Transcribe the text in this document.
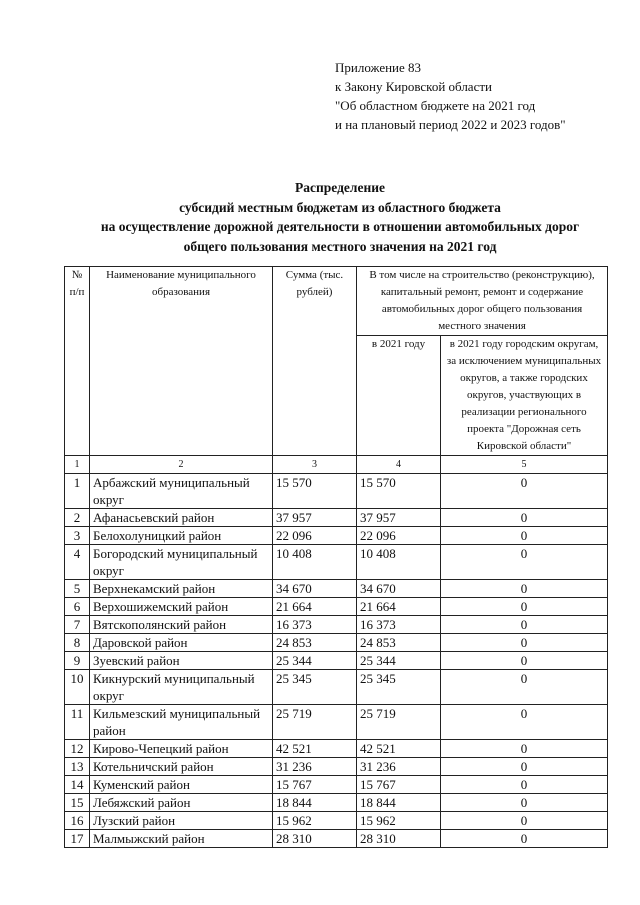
Приложение 83
к Закону Кировской области
"Об областном бюджете на 2021 год
и на плановый период 2022 и 2023 годов"
Распределение
субсидий местным бюджетам из областного бюджета
на осуществление дорожной деятельности в отношении автомобильных дорог
общего пользования местного значения на 2021 год
№ п/п	Наименование муниципального образования	Сумма (тыс. рублей)	В том числе на строительство (реконструкцию), капитальный ремонт, ремонт и содержание автомобильных дорог общего пользования местного значения	
			в 2021 году	в 2021 году городским округам, за исключением муниципальных округов, а также городских округов, участвующих в реализации регионального проекта "Дорожная сеть Кировской области"
1	2	3	4	5
1	Арбажский муниципальный округ	15 570	15 570	0
2	Афанасьевский район	37 957	37 957	0
3	Белохолуницкий район	22 096	22 096	0
4	Богородский муниципальный округ	10 408	10 408	0
5	Верхнекамский район	34 670	34 670	0
6	Верхошижемский район	21 664	21 664	0
7	Вятскополянский район	16 373	16 373	0
8	Даровской район	24 853	24 853	0
9	Зуевский район	25 344	25 344	0
10	Кикнурский муниципальный округ	25 345	25 345	0
11	Кильмезский муниципальный район	25 719	25 719	0
12	Кирово-Чепецкий район	42 521	42 521	0
13	Котельничский район	31 236	31 236	0
14	Куменский район	15 767	15 767	0
15	Лебяжский район	18 844	18 844	0
16	Лузский район	15 962	15 962	0
17	Малмыжский район	28 310	28 310	0
